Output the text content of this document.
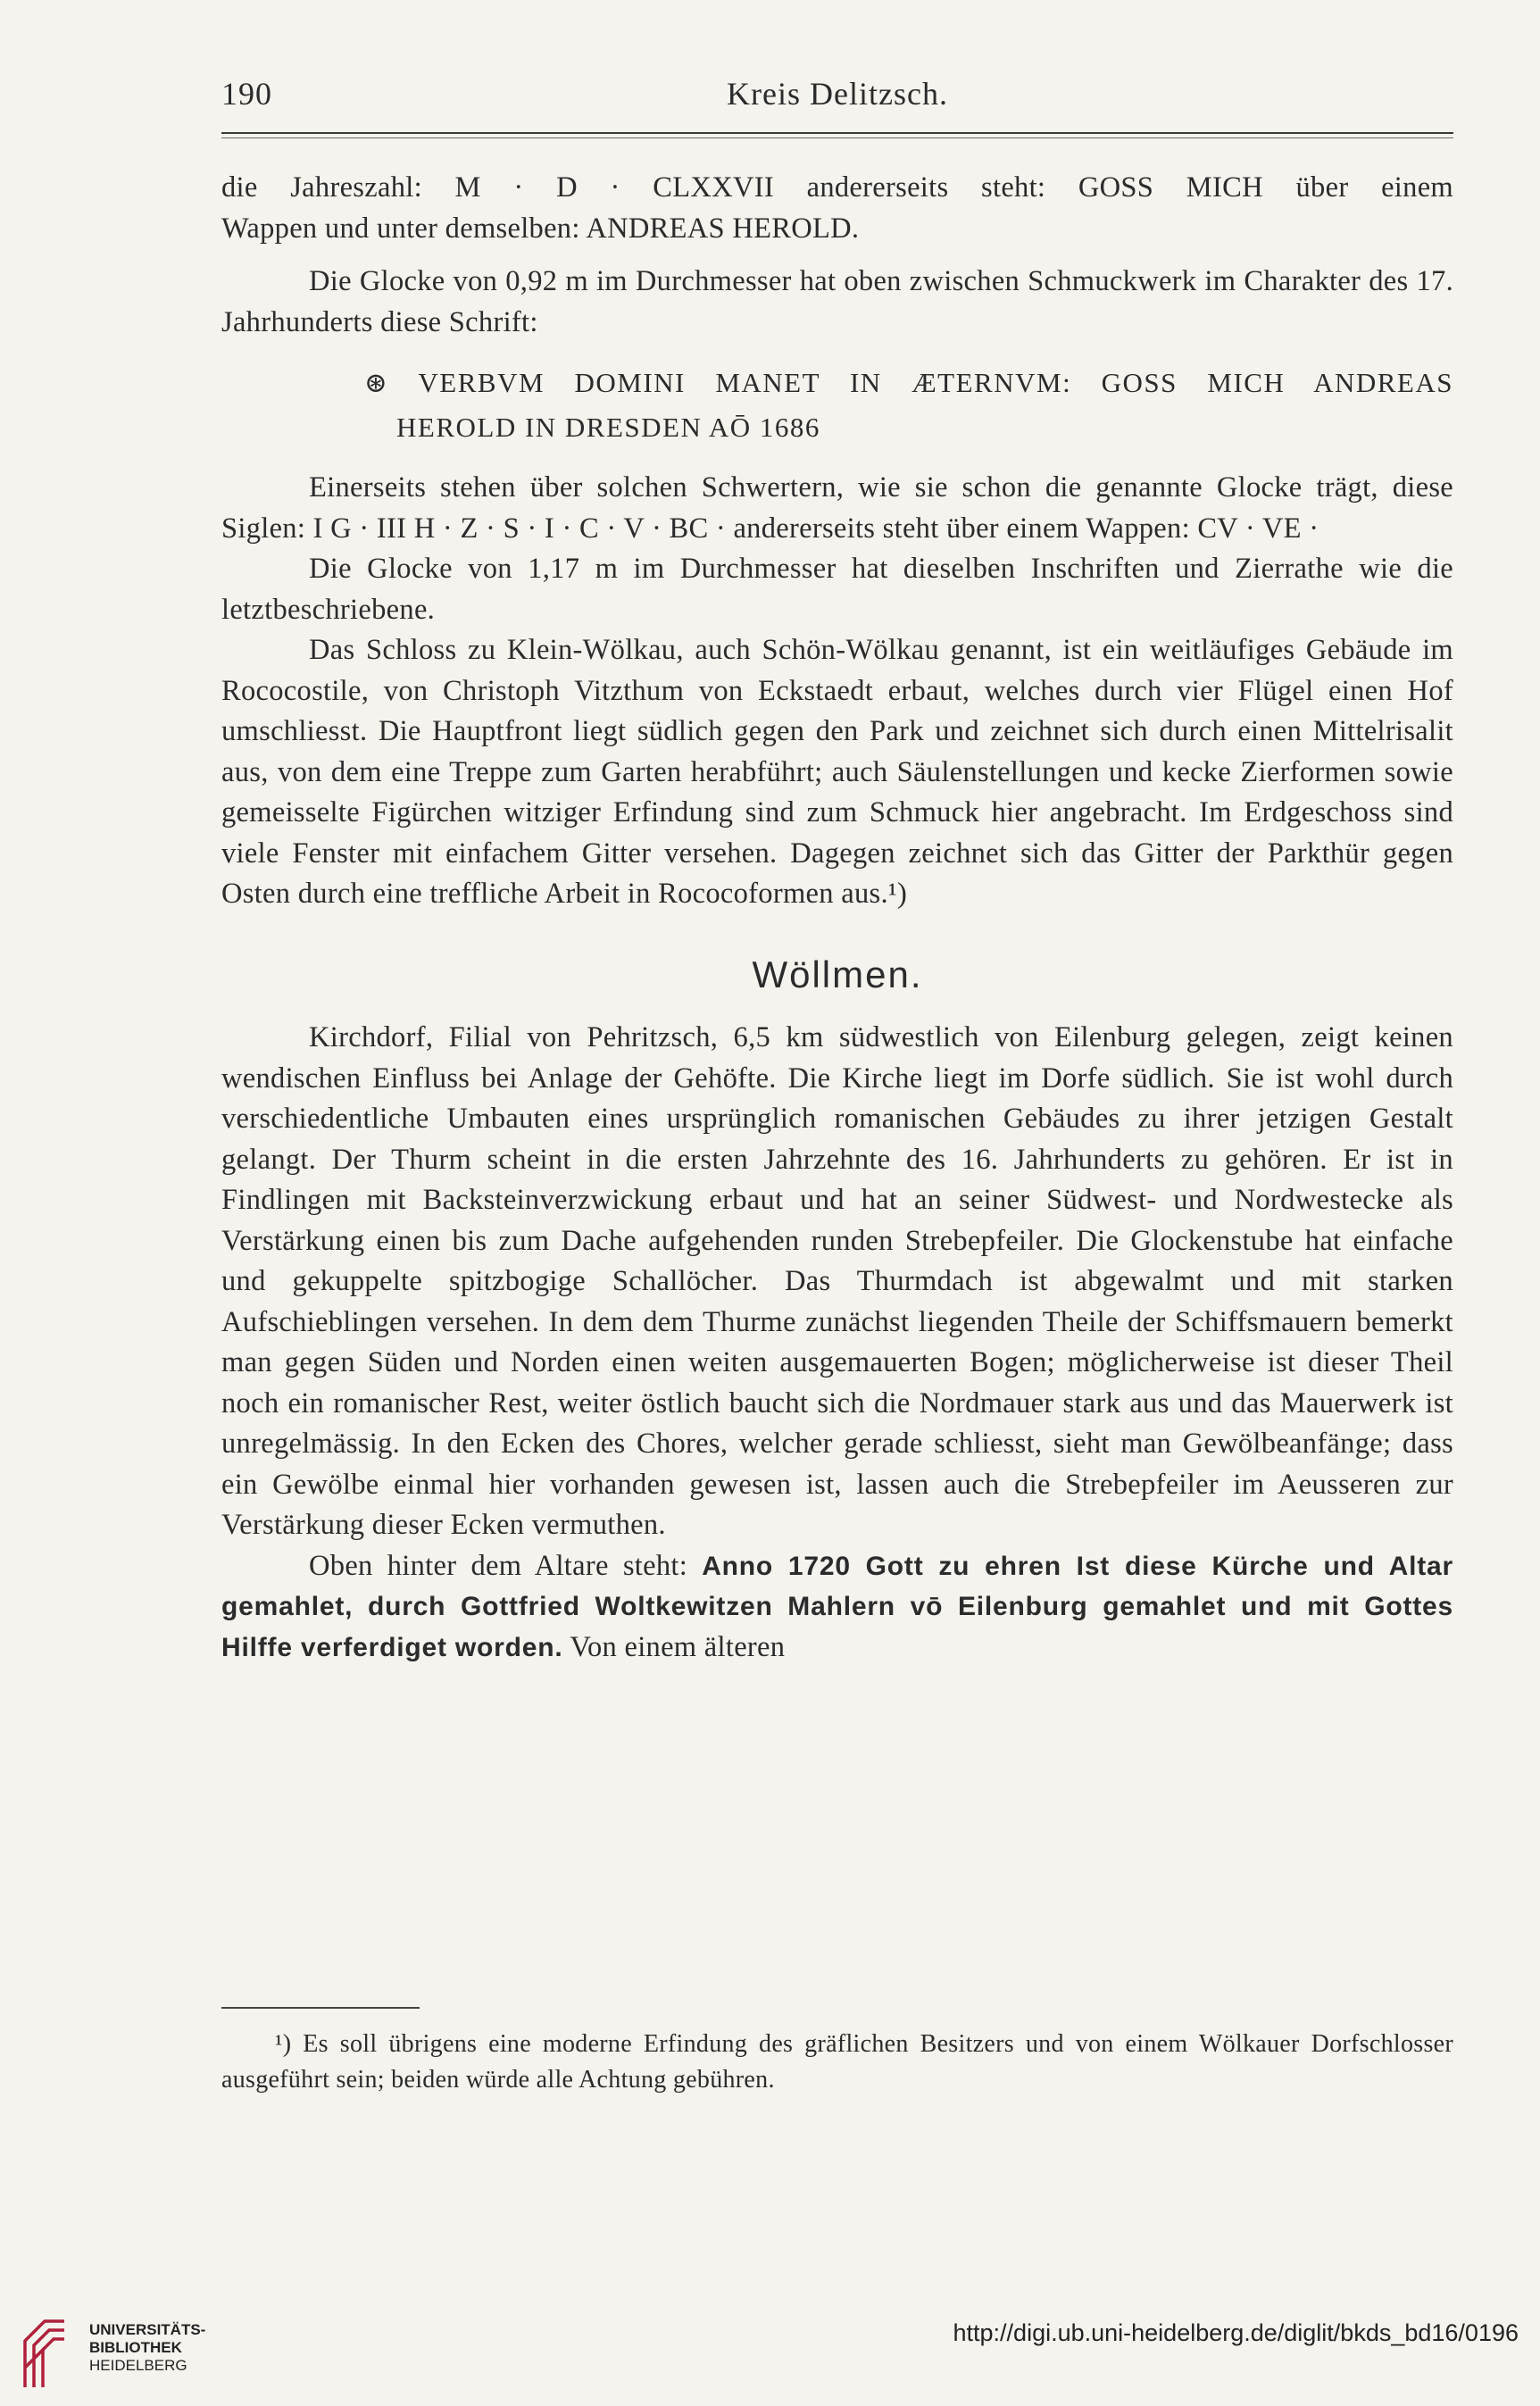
Kreis Delitzsch.
190

die Jahreszahl: M · D · CLXXVII andererseits steht: GOSS MICH über einem

Wappen und unter demselben: ANDREAS HEROLD.

Die Glocke von 0,92 m im Durchmesser hat oben zwischen Schmuckwerk im Charakter des 17. Jahrhunderts diese Schrift:

⊛ VERBVM DOMINI MANET IN ÆTERNVM: GOSS MICH ANDREAS
HEROLD IN DRESDEN AŌ 1686

Einerseits stehen über solchen Schwertern, wie sie schon die genannte Glocke trägt, diese Siglen: I G · III H · Z · S · I · C · V · BC · andererseits steht über einem Wappen: CV · VE ·

Die Glocke von 1,17 m im Durchmesser hat dieselben Inschriften und Zierrathe wie die letztbeschriebene.

Das Schloss zu Klein-Wölkau, auch Schön-Wölkau genannt, ist ein weitläufiges Gebäude im Rococostile, von Christoph Vitzthum von Eckstaedt erbaut, welches durch vier Flügel einen Hof umschliesst. Die Hauptfront liegt südlich gegen den Park und zeichnet sich durch einen Mittelrisalit aus, von dem eine Treppe zum Garten herabführt; auch Säulenstellungen und kecke Zierformen sowie gemeisselte Figürchen witziger Erfindung sind zum Schmuck hier angebracht. Im Erdgeschoss sind viele Fenster mit einfachem Gitter versehen. Dagegen zeichnet sich das Gitter der Parkthür gegen Osten durch eine treffliche Arbeit in Rococoformen aus.¹)

Wöllmen.

Kirchdorf, Filial von Pehritzsch, 6,5 km südwestlich von Eilenburg gelegen, zeigt keinen wendischen Einfluss bei Anlage der Gehöfte. Die Kirche liegt im Dorfe südlich. Sie ist wohl durch verschiedentliche Umbauten eines ursprünglich romanischen Gebäudes zu ihrer jetzigen Gestalt gelangt. Der Thurm scheint in die ersten Jahrzehnte des 16. Jahrhunderts zu gehören. Er ist in Findlingen mit Backsteinverzwickung erbaut und hat an seiner Südwest- und Nordwestecke als Verstärkung einen bis zum Dache aufgehenden runden Strebepfeiler. Die Glockenstube hat einfache und gekuppelte spitzbogige Schallöcher. Das Thurmdach ist abgewalmt und mit starken Aufschieblingen versehen. In dem dem Thurme zunächst liegenden Theile der Schiffsmauern bemerkt man gegen Süden und Norden einen weiten ausgemauerten Bogen; möglicherweise ist dieser Theil noch ein romanischer Rest, weiter östlich baucht sich die Nordmauer stark aus und das Mauerwerk ist unregelmässig. In den Ecken des Chores, welcher gerade schliesst, sieht man Gewölbeanfänge; dass ein Gewölbe einmal hier vorhanden gewesen ist, lassen auch die Strebepfeiler im Aeusseren zur Verstärkung dieser Ecken vermuthen.

Oben hinter dem Altare steht: Anno 1720 Gott zu ehren Ist diese Kürche und Altar gemahlet, durch Gottfried Woltkewitzen Mahlern vō Eilenburg gemahlet und mit Gottes Hilffe verferdiget worden. Von einem älteren

¹) Es soll übrigens eine moderne Erfindung des gräflichen Besitzers und von einem Wölkauer Dorfschlosser ausgeführt sein; beiden würde alle Achtung gebühren.
UNIVERSITÄTS-
BIBLIOTHEK
HEIDELBERG
http://digi.ub.uni-heidelberg.de/diglit/bkds_bd16/0196
